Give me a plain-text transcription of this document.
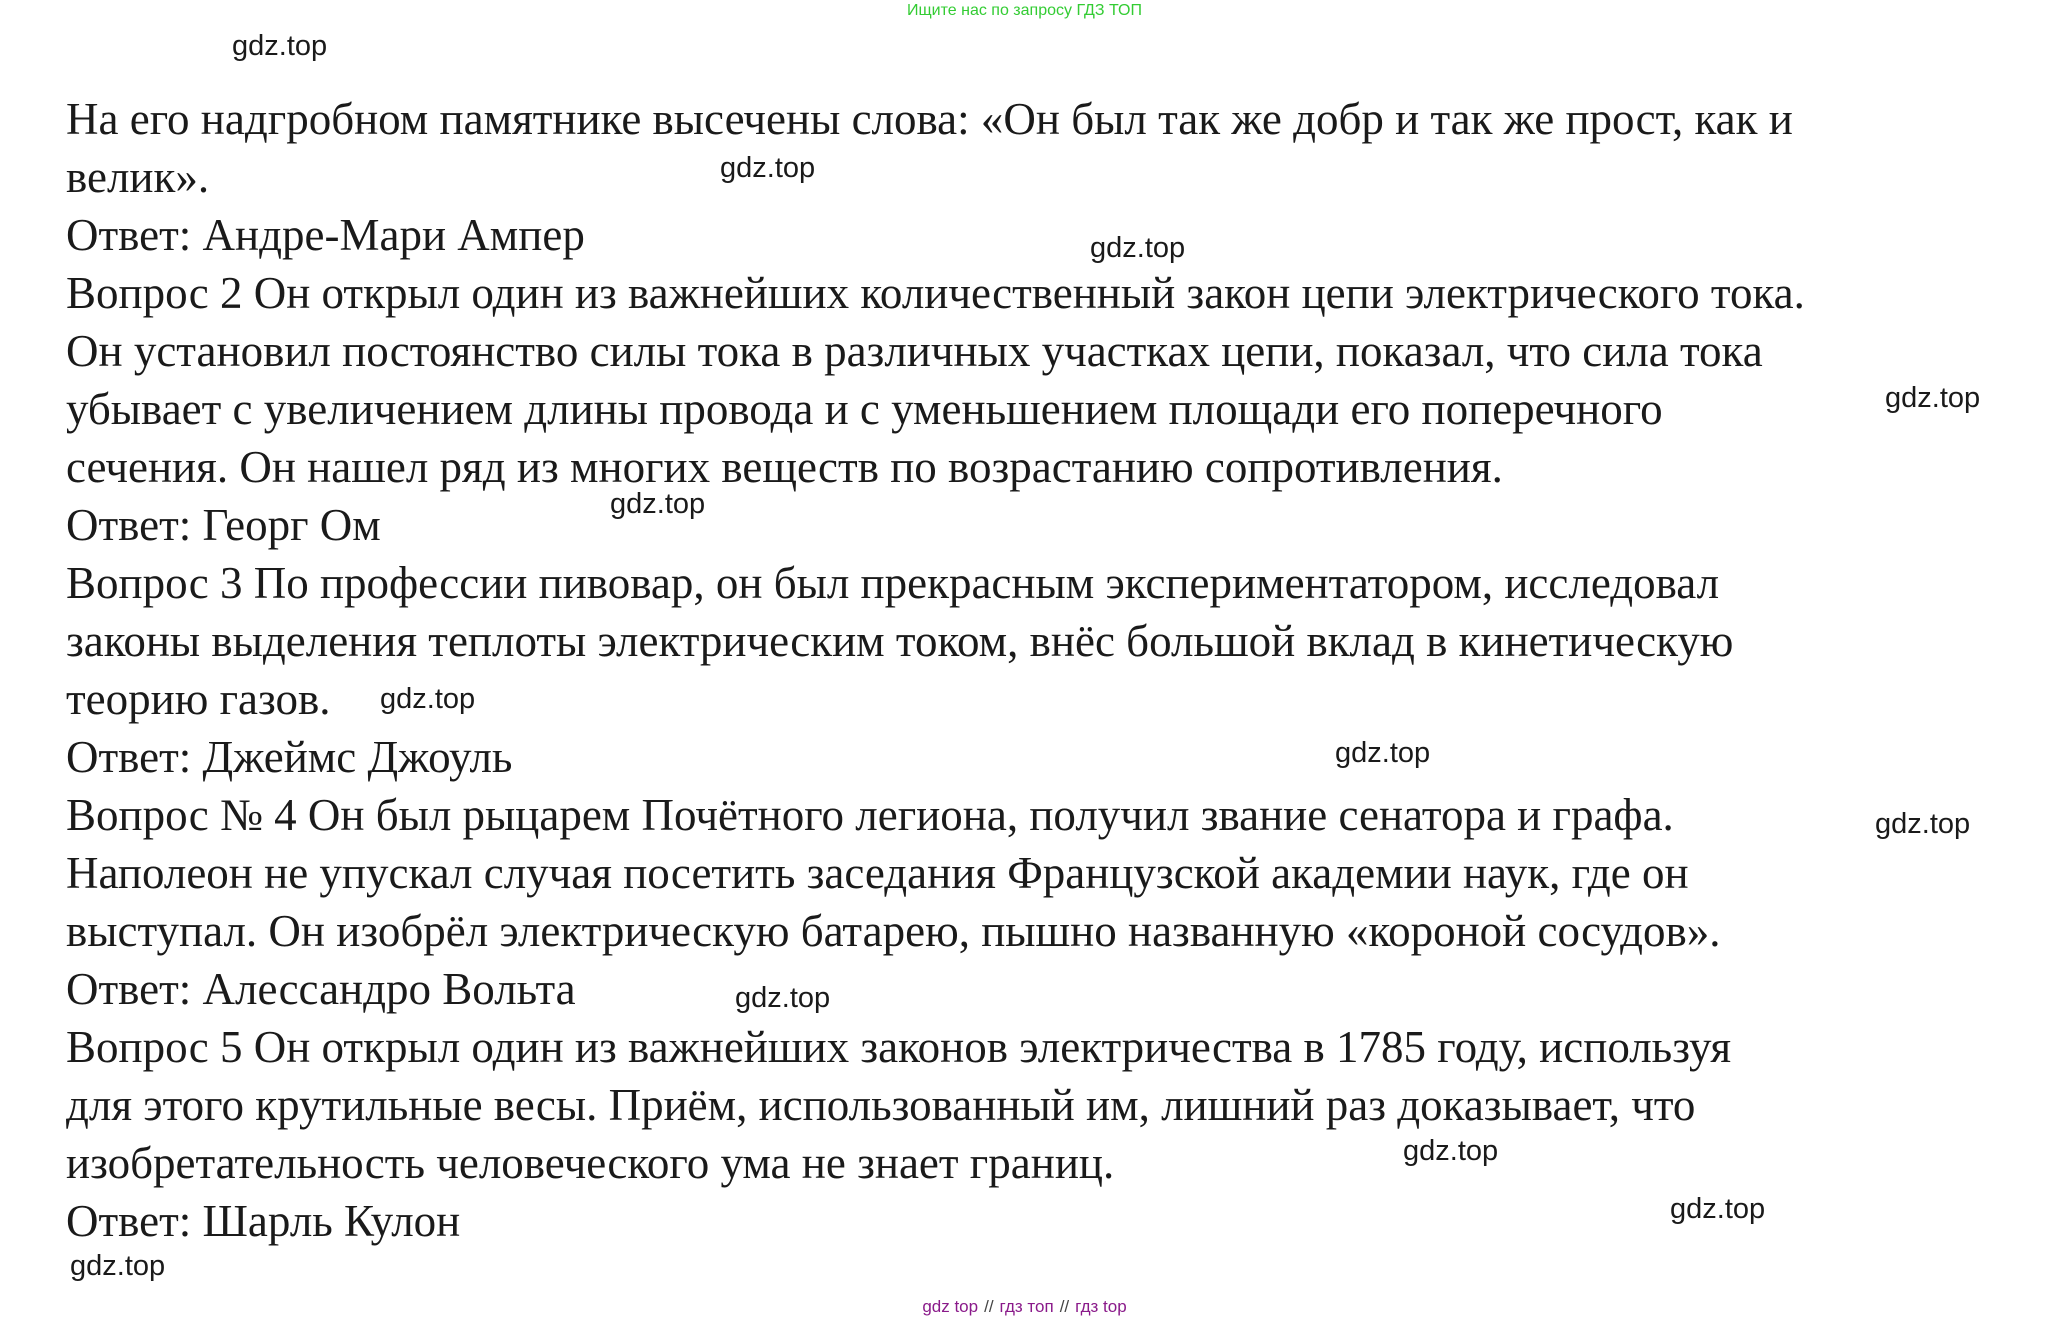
Ищите нас по запросу ГДЗ ТОП
gdz.top

На его надгробном памятнике высечены слова: «Он был так же добр и так же прост, как и

велик».

Ответ: Андре-Мари Ампер

Вопрос 2 Он открыл один из важнейших количественный закон цепи электрического тока.

Он установил постоянство силы тока в различных участках цепи, показал, что сила тока

убывает с увеличением длины провода и с уменьшением площади его поперечного

сечения. Он нашел ряд из многих веществ по возрастанию сопротивления.

Ответ: Георг Ом

Вопрос 3 По профессии пивовар, он был прекрасным экспериментатором, исследовал

законы выделения теплоты электрическим током, внёс большой вклад в кинетическую

теорию газов.

Ответ: Джеймс Джоуль

Вопрос № 4 Он был рыцарем Почётного легиона, получил звание сенатора и графа.

Наполеон не упускал случая посетить заседания Французской академии наук, где он

выступал. Он изобрёл электрическую батарею, пышно названную «короной сосудов».

Ответ: Алессандро Вольта

Вопрос 5 Он открыл один из важнейших законов электричества в 1785 году, используя

для этого крутильные весы. Приём, использованный им, лишний раз доказывает, что

изобретательность человеческого ума не знает границ.

Ответ: Шарль Кулон

gdz.top
gdz.top
gdz.top
gdz.top
gdz.top
gdz.top
gdz.top
gdz.top
gdz.top
gdz.top
gdz.top
gdz top // гдз топ // гдз top
